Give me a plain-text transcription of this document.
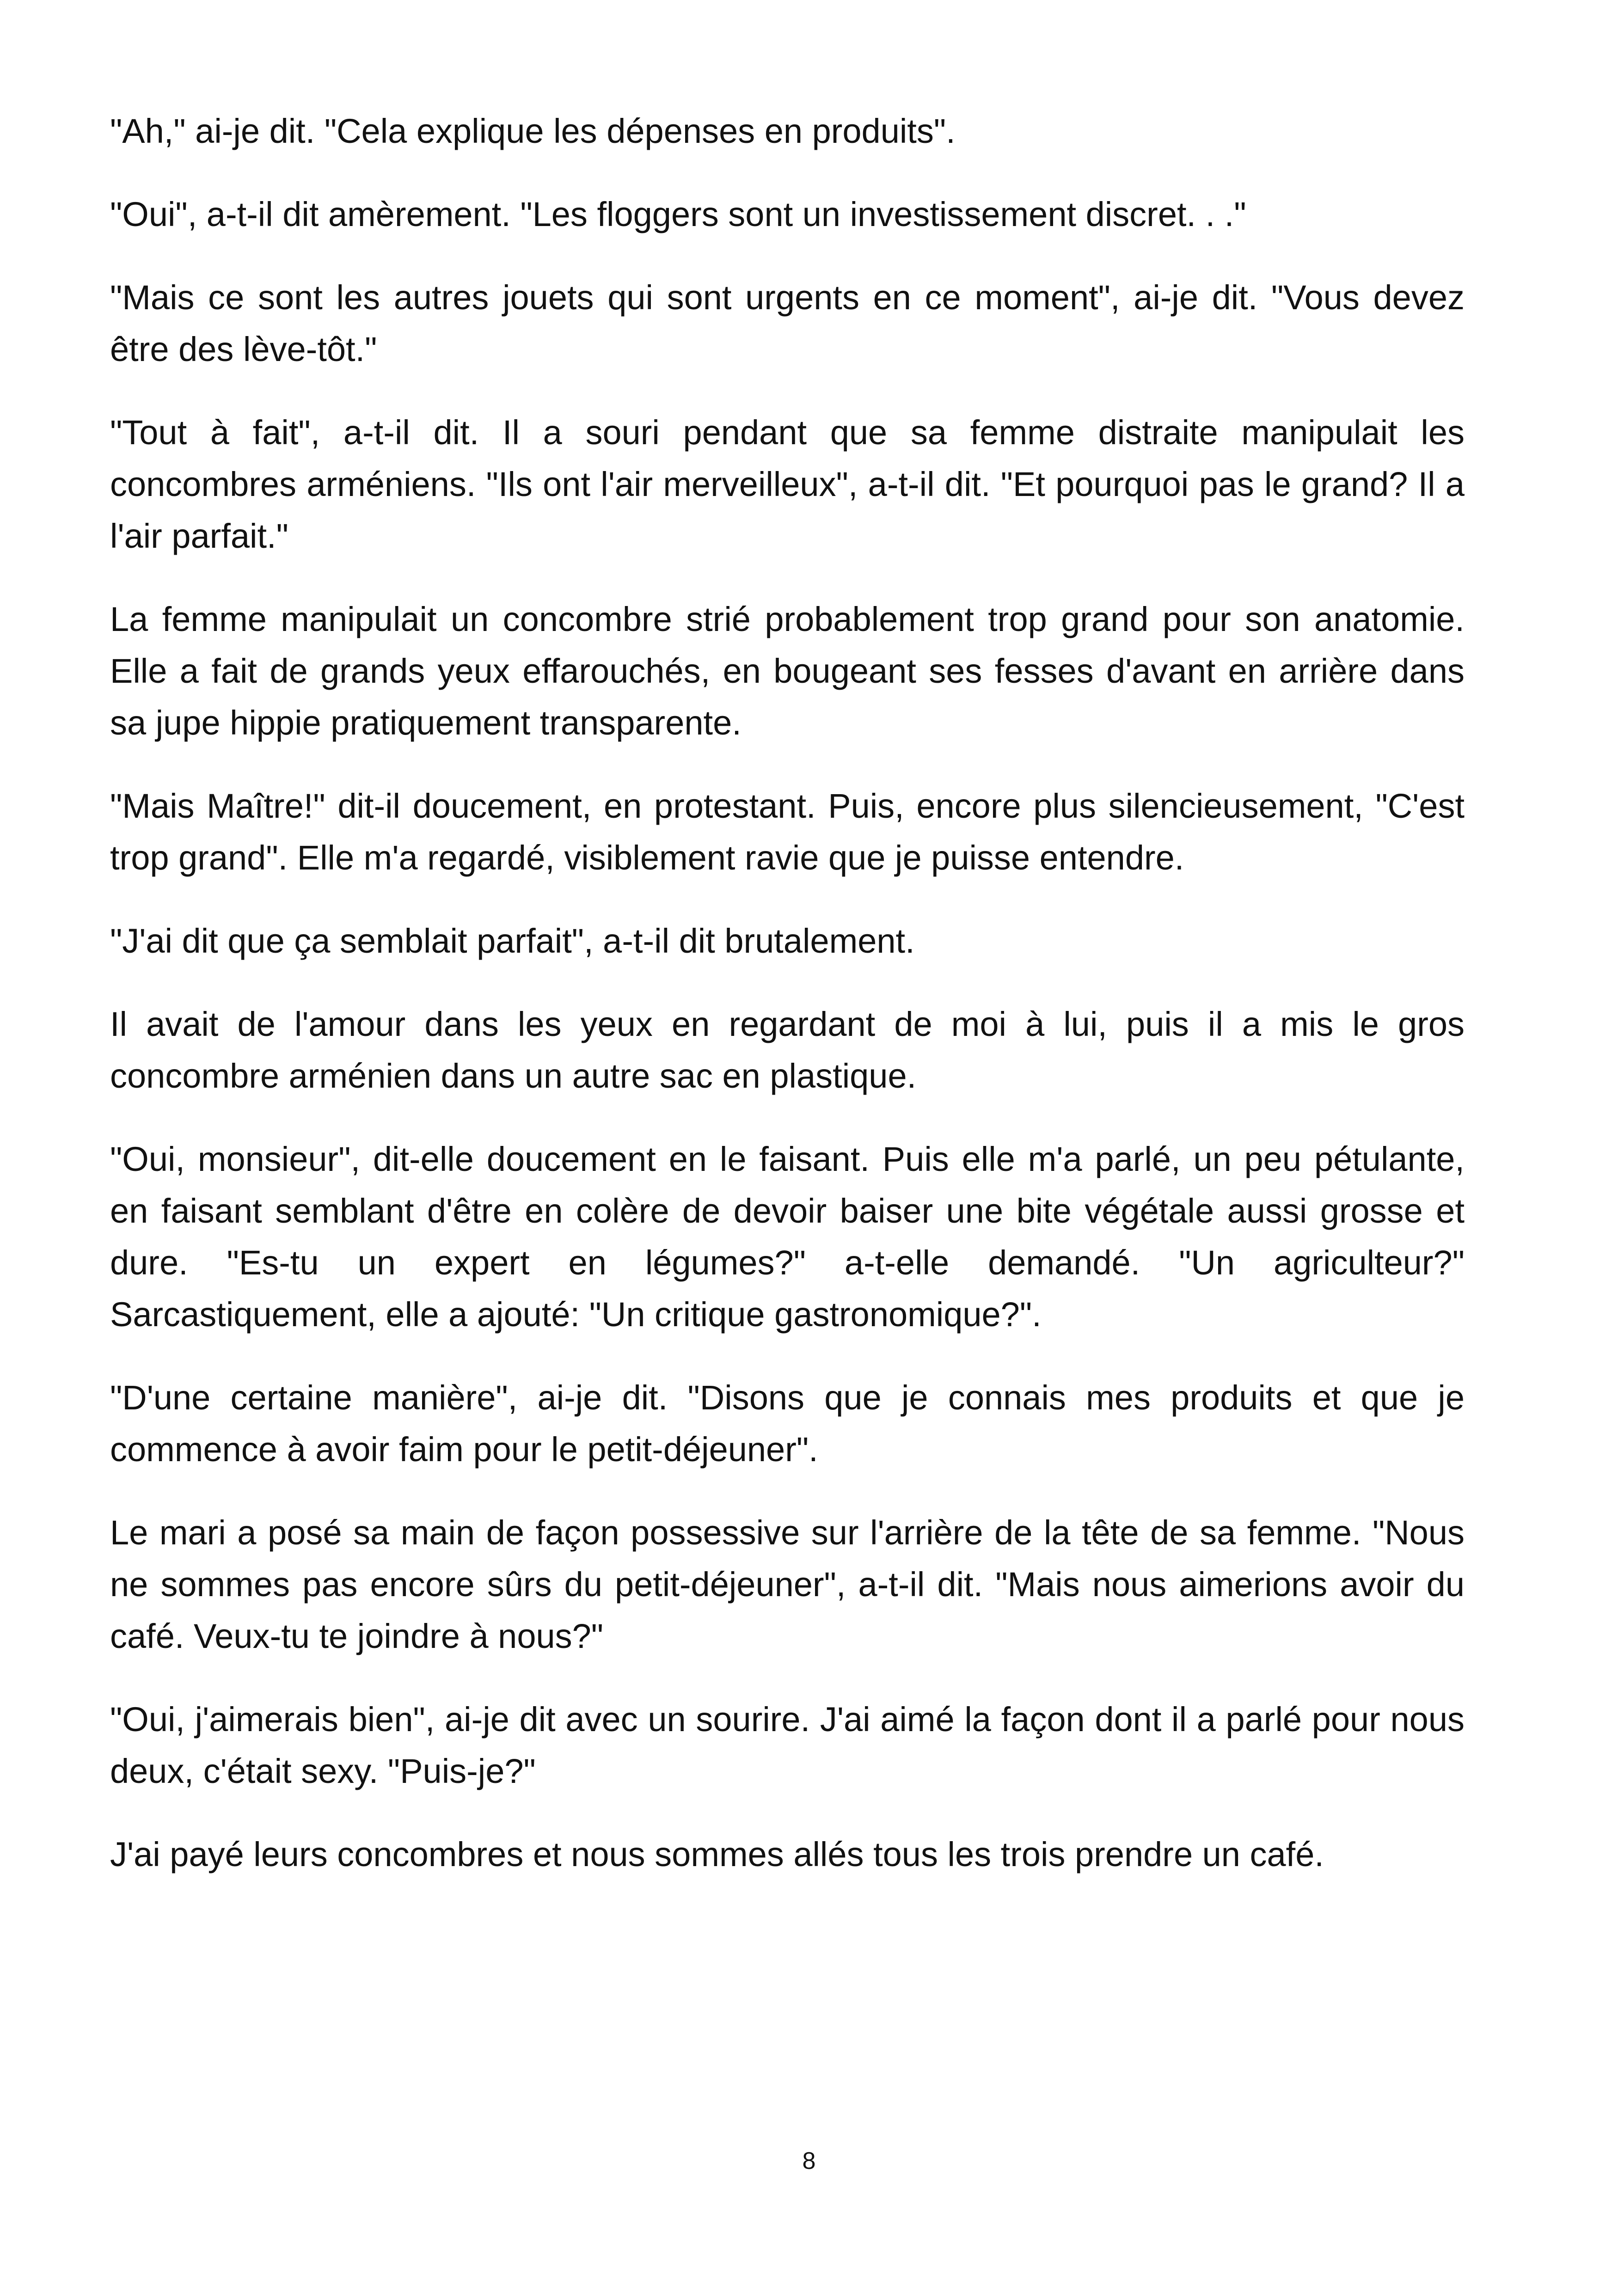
"Ah," ai-je dit. "Cela explique les dépenses en produits".

"Oui", a-t-il dit amèrement. "Les floggers sont un investissement discret. . ."

"Mais ce sont les autres jouets qui sont urgents en ce moment", ai-je dit. "Vous devez être des lève-tôt."

"Tout à fait", a-t-il dit. Il a souri pendant que sa femme distraite manipulait les concombres arméniens. "Ils ont l'air merveilleux", a-t-il dit. "Et pourquoi pas le grand? Il a l'air parfait."

La femme manipulait un concombre strié probablement trop grand pour son anatomie. Elle a fait de grands yeux effarouchés, en bougeant ses fesses d'avant en arrière dans sa jupe hippie pratiquement transparente.

"Mais Maître!" dit-il doucement, en protestant. Puis, encore plus silencieusement, "C'est trop grand". Elle m'a regardé, visiblement ravie que je puisse entendre.

"J'ai dit que ça semblait parfait", a-t-il dit brutalement.

Il avait de l'amour dans les yeux en regardant de moi à lui, puis il a mis le gros concombre arménien dans un autre sac en plastique.

"Oui, monsieur", dit-elle doucement en le faisant. Puis elle m'a parlé, un peu pétulante, en faisant semblant d'être en colère de devoir baiser une bite végétale aussi grosse et dure. "Es-tu un expert en légumes?" a-t-elle demandé. "Un agriculteur?" Sarcastiquement, elle a ajouté: "Un critique gastronomique?".

"D'une certaine manière", ai-je dit. "Disons que je connais mes produits et que je commence à avoir faim pour le petit-déjeuner".

Le mari a posé sa main de façon possessive sur l'arrière de la tête de sa femme. "Nous ne sommes pas encore sûrs du petit-déjeuner", a-t-il dit. "Mais nous aimerions avoir du café. Veux-tu te joindre à nous?"

"Oui, j'aimerais bien", ai-je dit avec un sourire. J'ai aimé la façon dont il a parlé pour nous deux, c'était sexy. "Puis-je?"

J'ai payé leurs concombres et nous sommes allés tous les trois prendre un café.

8
